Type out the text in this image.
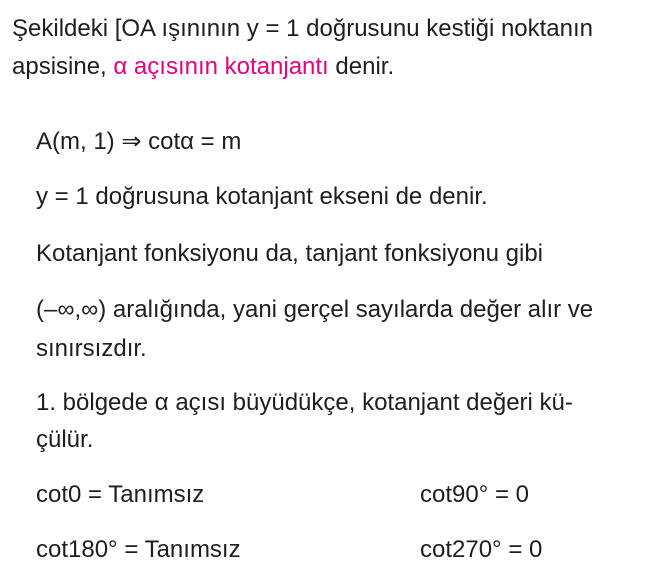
Şekildeki [OA ışınının y = 1 doğrusunu kestiği noktanın
apsisine, α açısının kotanjantı denir.
A(m, 1) ⇒ cotα = m
y = 1 doğrusuna kotanjant ekseni de denir.
Kotanjant fonksiyonu da, tanjant fonksiyonu gibi
(–∞,∞) aralığında, yani gerçel sayılarda değer alır ve
sınırsızdır.
1. bölgede α açısı büyüdükçe, kotanjant değeri kü-
çülür.
cot0 = Tanımsız	cot90° = 0
cot180° = Tanımsız	cot270° = 0
